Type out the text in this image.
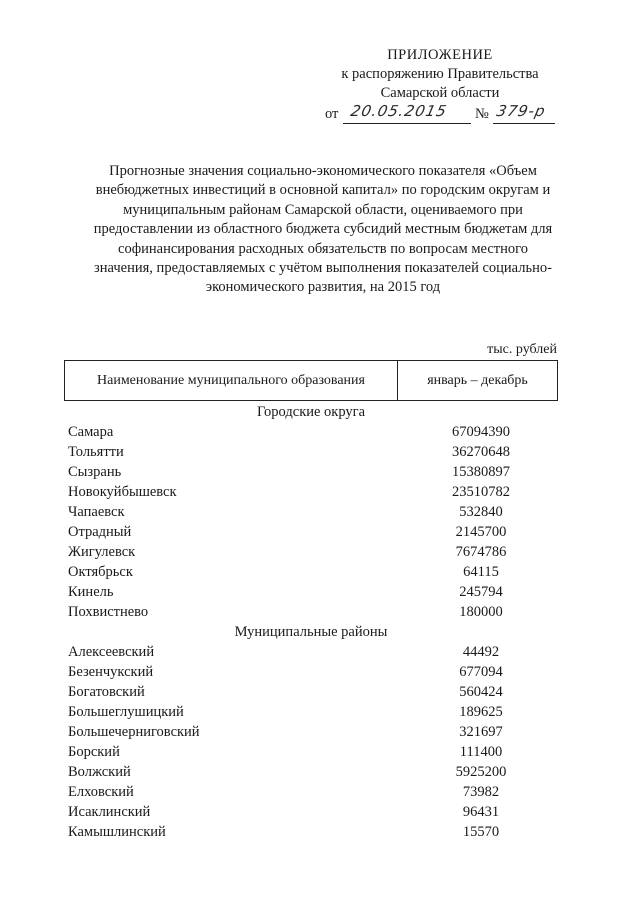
ПРИЛОЖЕНИЕ
к распоряжению Правительства
Самарской области
от 20.05.2015 № 379-р
Прогнозные значения социально-экономического показателя «Объем
внебюджетных инвестиций в основной капитал» по городским округам и
муниципальным районам Самарской области, оцениваемого при
предоставлении из областного бюджета субсидий местным бюджетам для
софинансирования расходных обязательств по вопросам местного
значения, предоставляемых с учётом выполнения показателей социально-
экономического развития, на 2015 год
тыс. рублей
Наименование муниципального образования	январь – декабрь
Городские округа
Самара	67094390
Тольятти	36270648
Сызрань	15380897
Новокуйбышевск	23510782
Чапаевск	532840
Отрадный	2145700
Жигулевск	7674786
Октябрьск	64115
Кинель	245794
Похвистнево	180000
Муниципальные районы
Алексеевский	44492
Безенчукский	677094
Богатовский	560424
Большеглушицкий	189625
Большечерниговский	321697
Борский	111400
Волжский	5925200
Елховский	73982
Исаклинский	96431
Камышлинский	15570
